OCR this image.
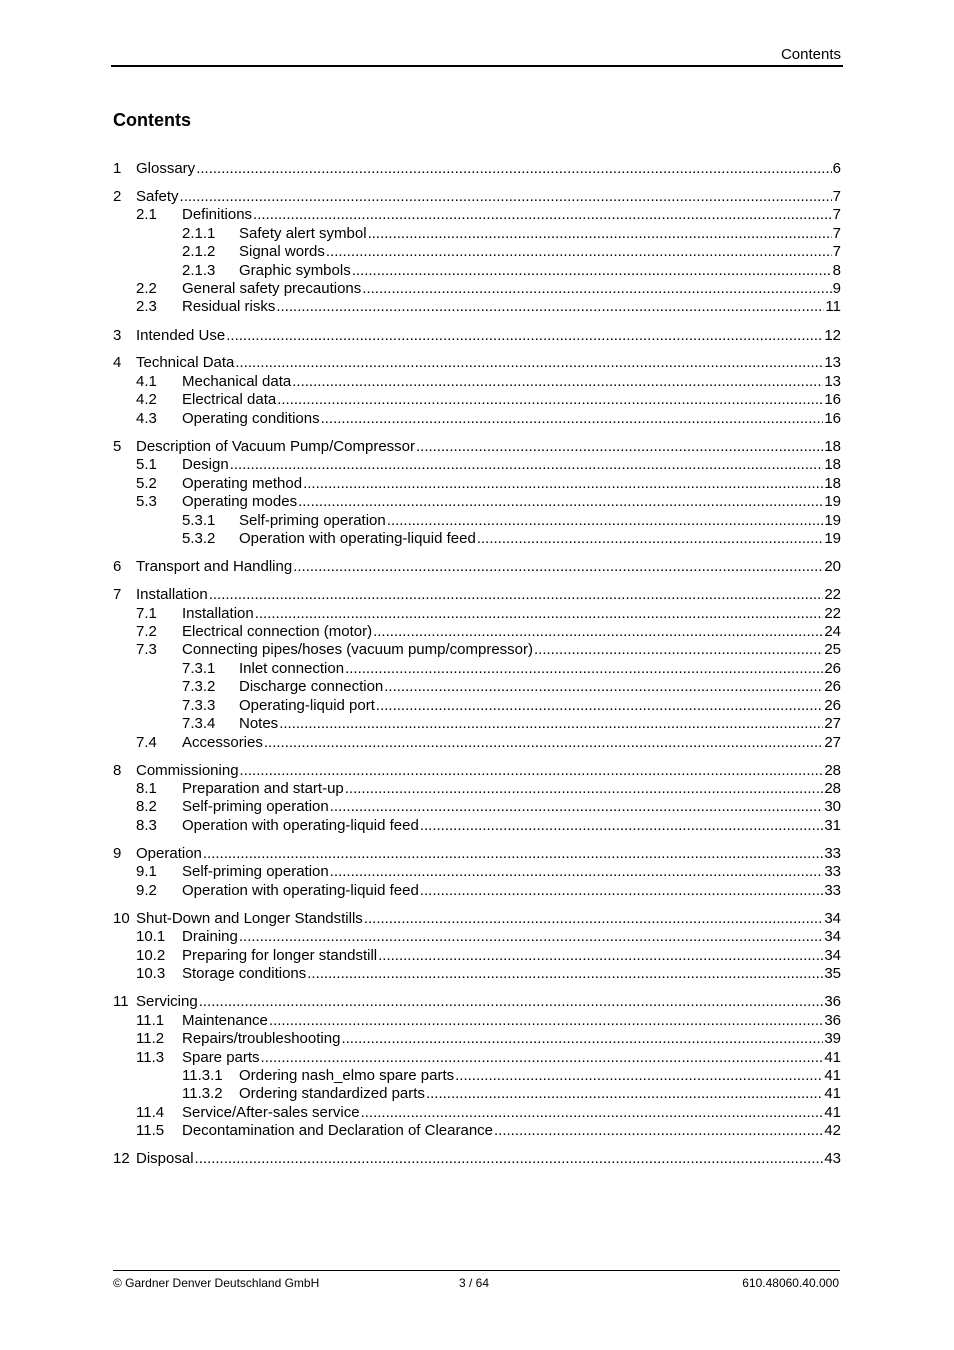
Contents
Contents
1 Glossary .....	6
2 Safety .....	7
2.1	Definitions .....	7
2.1.1	Safety alert symbol .....	7
2.1.2	Signal words .....	7
2.1.3	Graphic symbols .....	8
2.2	General safety precautions .....	9
2.3	Residual risks .....	11
3 Intended Use .....	12
4 Technical Data .....	13
4.1	Mechanical data .....	13
4.2	Electrical data .....	16
4.3	Operating conditions .....	16
5 Description of Vacuum Pump/Compressor .....	18
5.1	Design .....	18
5.2	Operating method .....	18
5.3	Operating modes .....	19
5.3.1	Self-priming operation .....	19
5.3.2	Operation with operating-liquid feed .....	19
6 Transport and Handling .....	20
7 Installation .....	22
7.1	Installation .....	22
7.2	Electrical connection (motor) .....	24
7.3	Connecting pipes/hoses (vacuum pump/compressor) .....	25
7.3.1	Inlet connection .....	26
7.3.2	Discharge connection .....	26
7.3.3	Operating-liquid port .....	26
7.3.4	Notes .....	27
7.4	Accessories .....	27
8 Commissioning .....	28
8.1	Preparation and start-up .....	28
8.2	Self-priming operation .....	30
8.3	Operation with operating-liquid feed .....	31
9 Operation .....	33
9.1	Self-priming operation .....	33
9.2	Operation with operating-liquid feed .....	33
10 Shut-Down and Longer Standstills .....	34
10.1	Draining .....	34
10.2	Preparing for longer standstill .....	34
10.3	Storage conditions .....	35
11 Servicing .....	36
11.1	Maintenance .....	36
11.2	Repairs/troubleshooting .....	39
11.3	Spare parts .....	41
11.3.1	Ordering nash_elmo spare parts .....	41
11.3.2	Ordering standardized parts .....	41
11.4	Service/After-sales service .....	41
11.5	Decontamination and Declaration of Clearance .....	42
12 Disposal .....	43
© Gardner Denver Deutschland GmbH	3 / 64	610.48060.40.000
